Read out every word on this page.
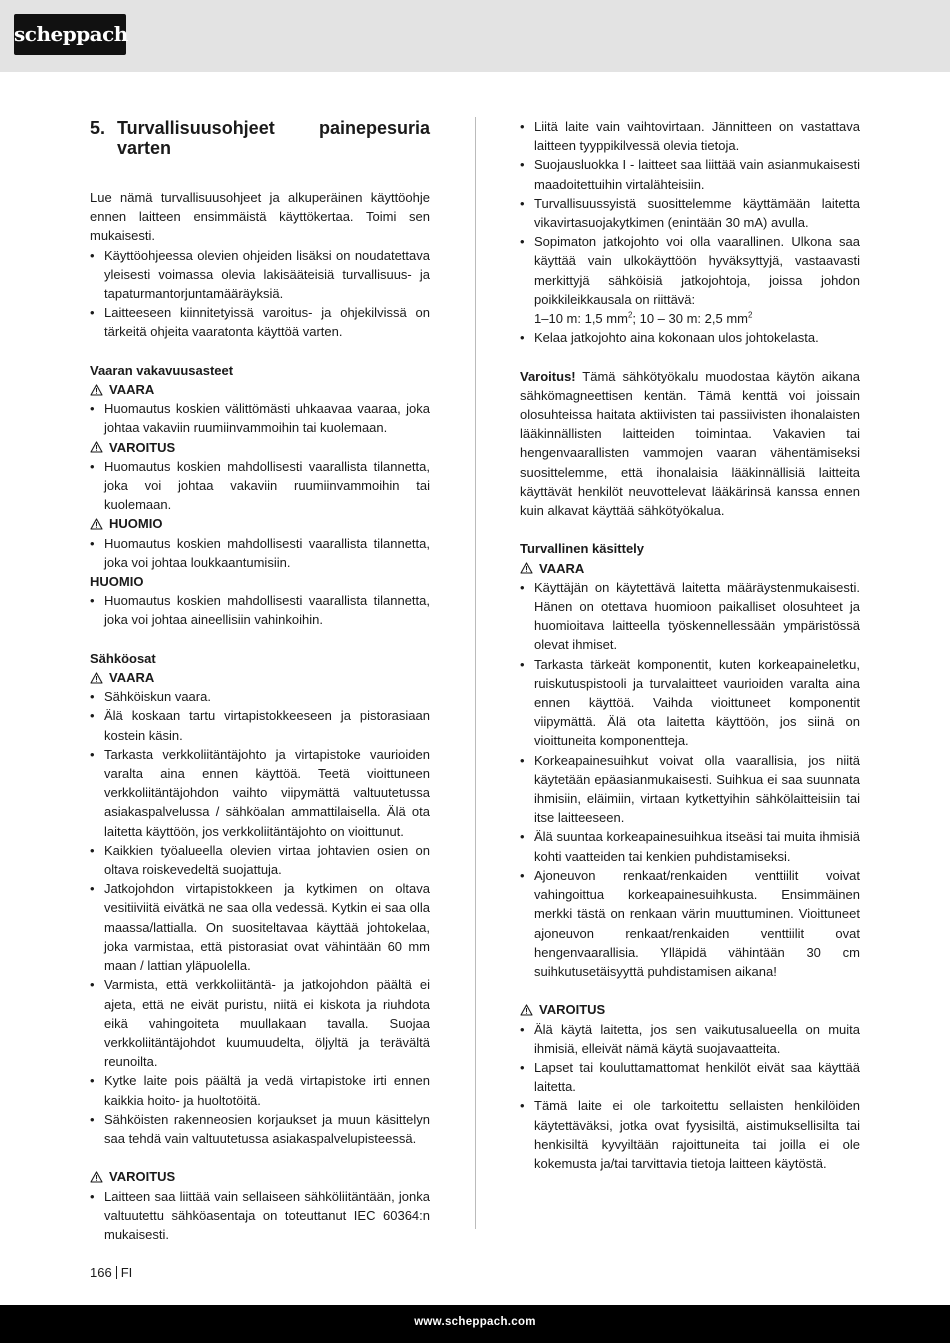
scheppach
5. Turvallisuusohjeet painepesuria varten

Lue nämä turvallisuusohjeet ja alkuperäinen käyttöohje ennen laitteen ensimmäistä käyttökertaa. Toimi sen mukaisesti.

• Käyttöohjeessa olevien ohjeiden lisäksi on noudatettava yleisesti voimassa olevia lakisääteisiä turvallisuus- ja tapaturmantorjuntamääräyksiä.
• Laitteeseen kiinnitetyissä varoitus- ja ohjekilvissä on tärkeitä ohjeita vaaratonta käyttöä varten.
Vaaran vakavuusasteet
VAARA
• Huomautus koskien välittömästi uhkaavaa vaaraa, joka johtaa vakaviin ruumiinvammoihin tai kuolemaan.
VAROITUS
• Huomautus koskien mahdollisesti vaarallista tilannetta, joka voi johtaa vakaviin ruumiinvammoihin tai kuolemaan.
HUOMIO
• Huomautus koskien mahdollisesti vaarallista tilannetta, joka voi johtaa loukkaantumisiin.
HUOMIO
• Huomautus koskien mahdollisesti vaarallista tilannetta, joka voi johtaa aineellisiin vahinkoihin.
Sähköosat
VAARA
• Sähköiskun vaara.
• Älä koskaan tartu virtapistokkeeseen ja pistorasiaan kostein käsin.
• Tarkasta verkkoliitäntäjohto ja virtapistoke vaurioiden varalta aina ennen käyttöä. Teetä vioittuneen verkkoliitäntäjohdon vaihto viipymättä valtuutetussa asiakaspalvelussa / sähköalan ammattilaisella. Älä ota laitetta käyttöön, jos verkkoliitäntäjohto on vioittunut.
• Kaikkien työalueella olevien virtaa johtavien osien on oltava roiskevedeltä suojattuja.
• Jatkojohdon virtapistokkeen ja kytkimen on oltava vesitiiviitä eivätkä ne saa olla vedessä. Kytkin ei saa olla maassa/lattialla. On suositeltavaa käyttää johtokelaa, joka varmistaa, että pistorasiat ovat vähintään 60 mm maan / lattian yläpuolella.
• Varmista, että verkkoliitäntä- ja jatkojohdon päältä ei ajeta, että ne eivät puristu, niitä ei kiskota ja riuhdota eikä vahingoiteta muullakaan tavalla. Suojaa verkkoliitäntäjohdot kuumuudelta, öljyltä ja terävältä reunoilta.
• Kytke laite pois päältä ja vedä virtapistoke irti ennen kaikkia hoito- ja huoltotöitä.
• Sähköisten rakenneosien korjaukset ja muun käsittelyn saa tehdä vain valtuutetussa asiakaspalvelupisteessä.
VAROITUS
• Laitteen saa liittää vain sellaiseen sähköliitäntään, jonka valtuutettu sähköasentaja on toteuttanut IEC 60364:n mukaisesti.
• Liitä laite vain vaihtovirtaan. Jännitteen on vastattava laitteen tyyppikilvessä olevia tietoja.
• Suojausluokka I - laitteet saa liittää vain asianmukaisesti maadoitettuihin virtalähteisiin.
• Turvallisuussyistä suosittelemme käyttämään laitetta vikavirtasuojakytkimen (enintään 30 mA) avulla.
• Sopimaton jatkojohto voi olla vaarallinen. Ulkona saa käyttää vain ulkokäyttöön hyväksyttyjä, vastaavasti merkittyjä sähköisiä jatkojohtoja, joissa johdon poikkileikkausala on riittävä:
1–10 m: 1,5 $mm^2$; 10 – 30 m: 2,5 $mm^2$
• Kelaa jatkojohto aina kokonaan ulos johtokelasta.

Varoitus! Tämä sähkötyökalu muodostaa käytön aikana sähkömagneettisen kentän. Tämä kenttä voi joissain olosuhteissa haitata aktiivisten tai passiivisten ihonalaisten lääkinnällisten laitteiden toimintaa. Vakavien tai hengenvaarallisten vammojen vaaran vähentämiseksi suosittelemme, että ihonalaisia lääkinnällisiä laitteita käyttävät henkilöt neuvottelevat lääkärinsä kanssa ennen kuin alkavat käyttää sähkötyökalua.

Turvallinen käsittely
VAARA
• Käyttäjän on käytettävä laitetta määräystenmukaisesti. Hänen on otettava huomioon paikalliset olosuhteet ja huomioitava laitteella työskennellessään ympäristössä olevat ihmiset.
• Tarkasta tärkeät komponentit, kuten korkeapaineletku, ruiskutuspistooli ja turvalaitteet vaurioiden varalta aina ennen käyttöä. Vaihda vioittuneet komponentit viipymättä. Älä ota laitetta käyttöön, jos siinä on vioittuneita komponentteja.
• Korkeapainesuihkut voivat olla vaarallisia, jos niitä käytetään epäasianmukaisesti. Suihkua ei saa suunnata ihmisiin, eläimiin, virtaan kytkettyihin sähkölaitteisiin tai itse laitteeseen.
• Älä suuntaa korkeapainesuihkua itseäsi tai muita ihmisiä kohti vaatteiden tai kenkien puhdistamiseksi.
• Ajoneuvon renkaat/renkaiden venttiilit voivat vahingoittua korkeapainesuihkusta. Ensimmäinen merkki tästä on renkaan värin muuttuminen. Vioittuneet ajoneuvon renkaat/renkaiden venttiilit ovat hengenvaarallisia. Ylläpidä vähintään 30 cm suihkutusetäisyyttä puhdistamisen aikana!
VAROITUS
• Älä käytä laitetta, jos sen vaikutusalueella on muita ihmisiä, elleivät nämä käytä suojavaatteita.
• Lapset tai kouluttamattomat henkilöt eivät saa käyttää laitetta.
• Tämä laite ei ole tarkoitettu sellaisten henkilöiden käytettäväksi, jotka ovat fyysisiltä, aistimuksellisilta tai henkisiltä kyvyiltään rajoittuneita tai joilla ei ole kokemusta ja/tai tarvittavia tietoja laitteen käytöstä.
166 FI
www.scheppach.com
